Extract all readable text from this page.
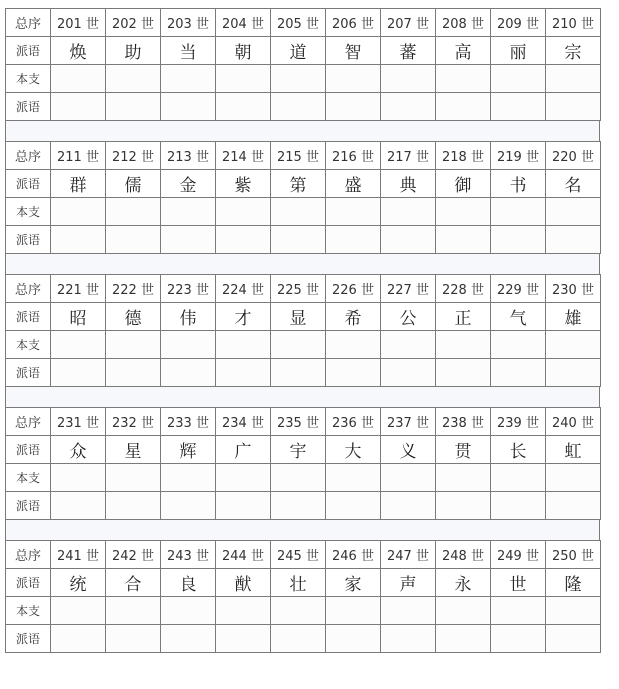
总序	201 世	202 世	203 世	204 世	205 世	206 世	207 世	208 世	209 世	210 世
派语	焕	助	当	朝	道	智	蕃	高	丽	宗
本支										
派语										
总序	211 世	212 世	213 世	214 世	215 世	216 世	217 世	218 世	219 世	220 世
派语	群	儒	金	紫	第	盛	典	御	书	名
本支										
派语										
总序	221 世	222 世	223 世	224 世	225 世	226 世	227 世	228 世	229 世	230 世
派语	昭	德	伟	才	显	希	公	正	气	雄
本支										
派语										
总序	231 世	232 世	233 世	234 世	235 世	236 世	237 世	238 世	239 世	240 世
派语	众	星	辉	广	宇	大	义	贯	长	虹
本支										
派语										
总序	241 世	242 世	243 世	244 世	245 世	246 世	247 世	248 世	249 世	250 世
派语	统	合	良	猷	壮	家	声	永	世	隆
本支										
派语										
